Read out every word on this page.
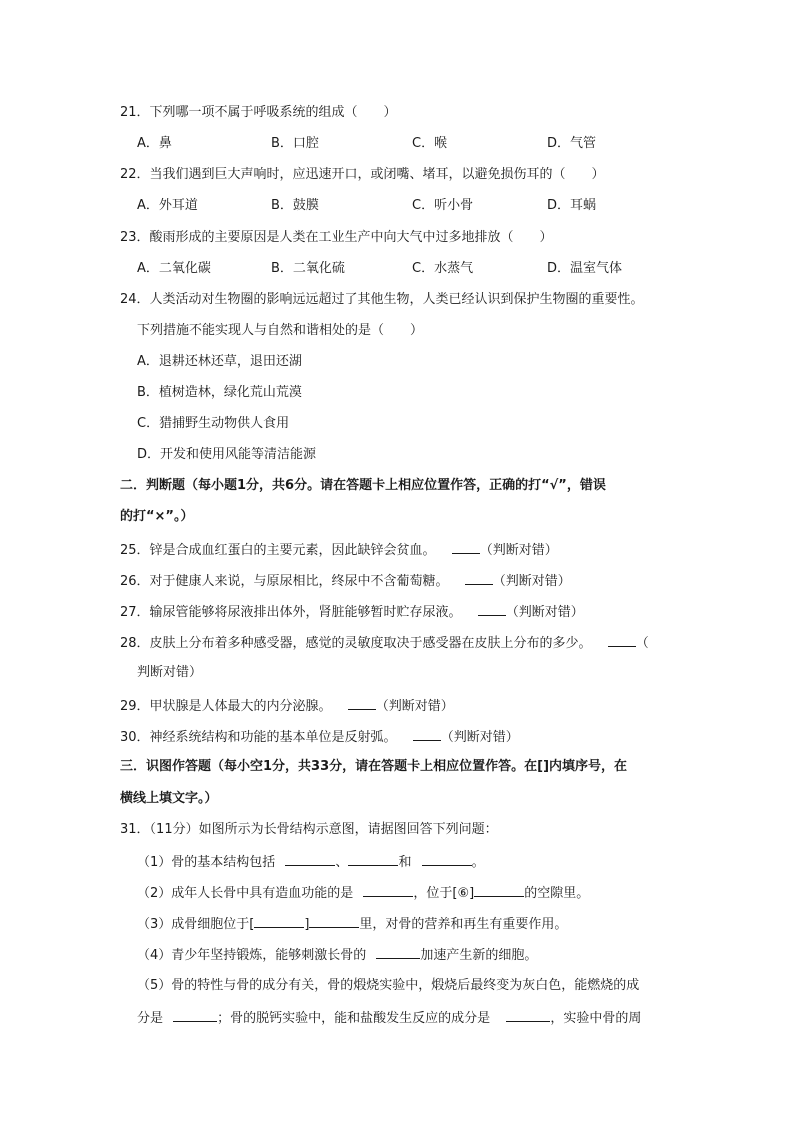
21．下列哪一项不属于呼吸系统的组成（　　）
A．鼻	B．口腔	C．喉	D．气管
22．当我们遇到巨大声响时，应迅速开口，或闭嘴、堵耳，以避免损伤耳的（　　）
A．外耳道	B．鼓膜	C．听小骨	D．耳蜗
23．酸雨形成的主要原因是人类在工业生产中向大气中过多地排放（　　）
A．二氧化碳	B．二氧化硫	C．水蒸气	D．温室气体
24．人类活动对生物圈的影响远远超过了其他生物，人类已经认识到保护生物圈的重要性。
下列措施不能实现人与自然和谐相处的是（　　）
A．退耕还林还草，退田还湖
B．植树造林，绿化荒山荒漠
C．猎捕野生动物供人食用
D．开发和使用风能等清洁能源
二．判断题（每小题1分，共6分。请在答题卡上相应位置作答，正确的打“√”，错误
的打“×”。）
25．锌是合成血红蛋白的主要元素，因此缺锌会贫血。	（判断对错）
26．对于健康人来说，与原尿相比，终尿中不含葡萄糖。	（判断对错）
27．输尿管能够将尿液排出体外，肾脏能够暂时贮存尿液。	（判断对错）
28．皮肤上分布着多种感受器，感觉的灵敏度取决于感受器在皮肤上分布的多少。	（
判断对错）
29．甲状腺是人体最大的内分泌腺。	（判断对错）
30．神经系统结构和功能的基本单位是反射弧。	（判断对错）
三．识图作答题（每小空1分，共33分，请在答题卡上相应位置作答。在[]内填序号，在
横线上填文字。）
31．（11分）如图所示为长骨结构示意图，请据图回答下列问题：
（1）骨的基本结构包括	、	和	。
（2）成年人长骨中具有造血功能的是	，位于[⑥]	的空隙里。
（3）成骨细胞位于[	]	里，对骨的营养和再生有重要作用。
（4）青少年坚持锻炼，能够刺激长骨的	加速产生新的细胞。
（5）骨的特性与骨的成分有关，骨的煅烧实验中，煅烧后最终变为灰白色，能燃烧的成
分是	；骨的脱钙实验中，能和盐酸发生反应的成分是	，实验中骨的周
